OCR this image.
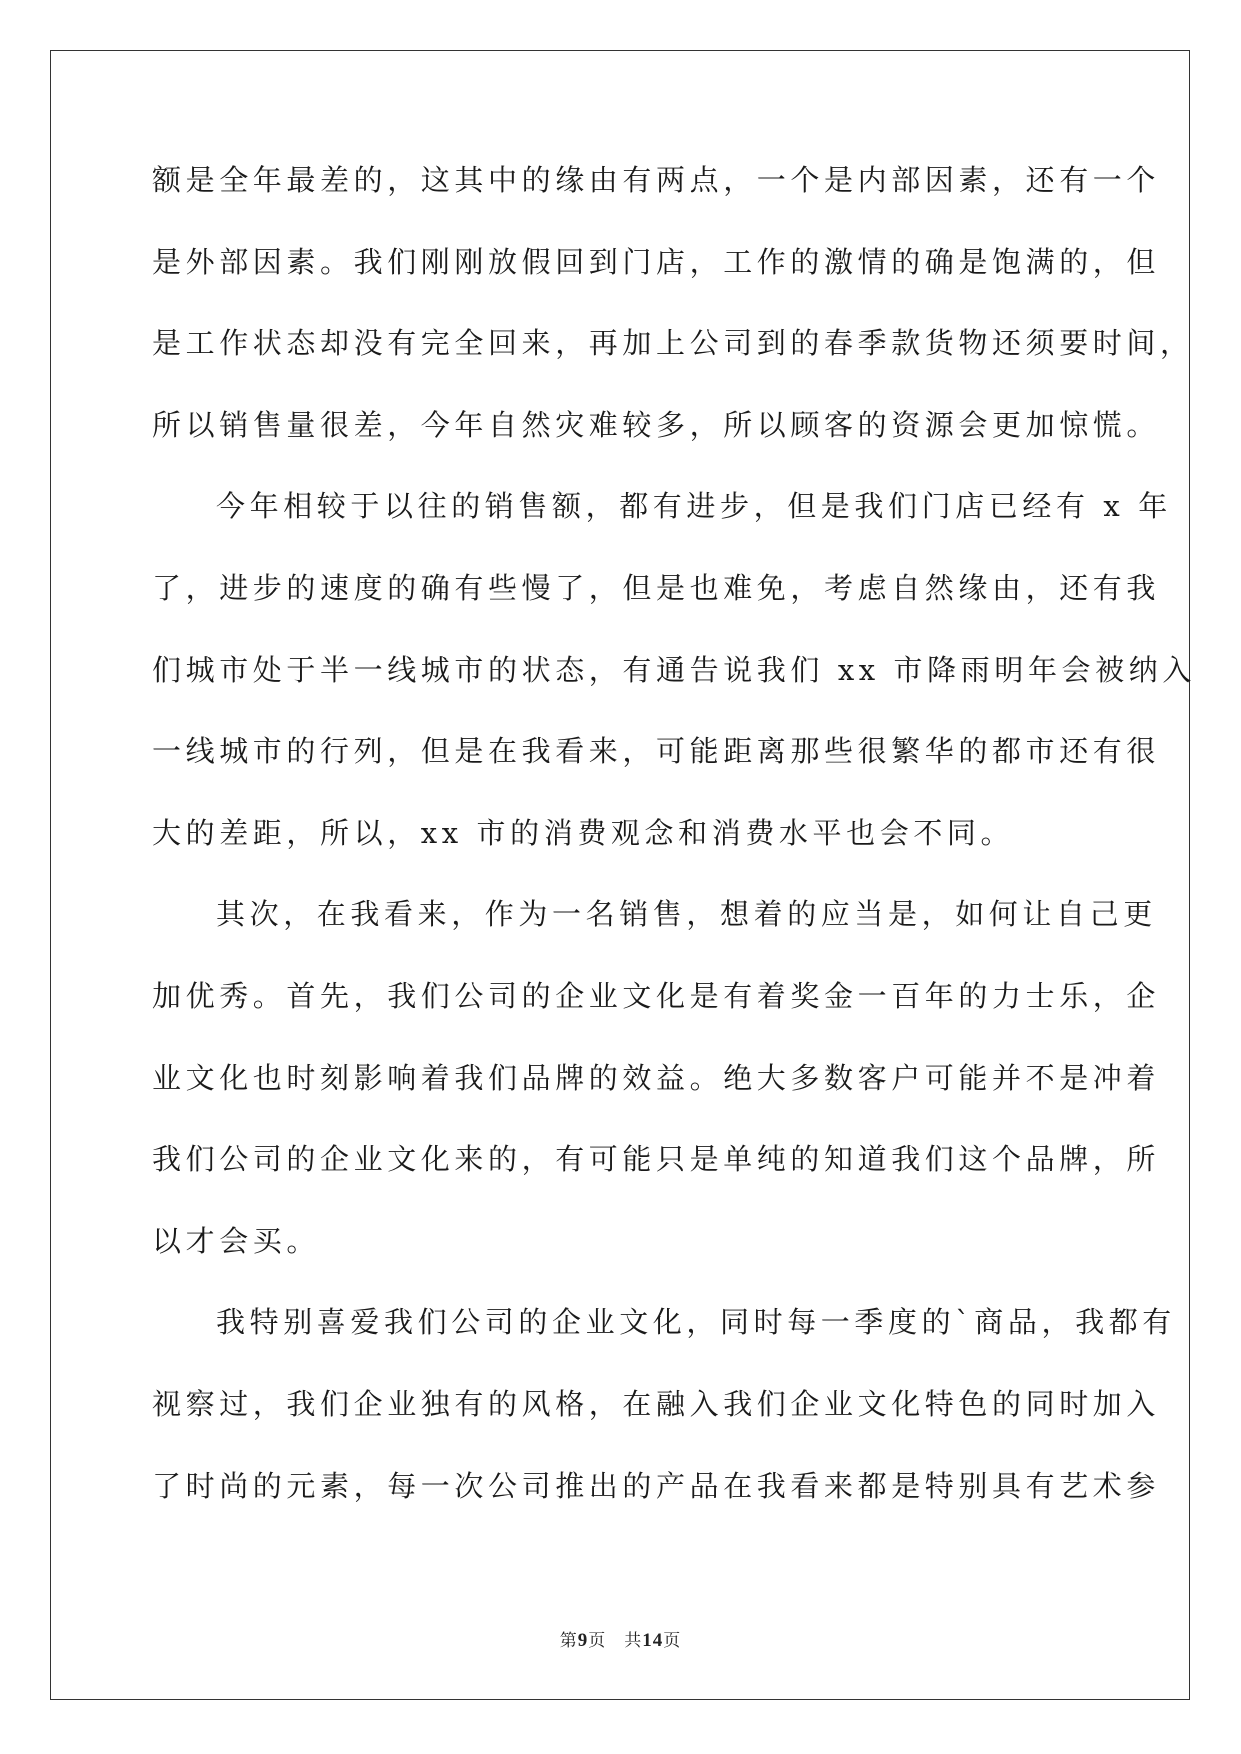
额是全年最差的，这其中的缘由有两点，一个是内部因素，还有一个
是外部因素。我们刚刚放假回到门店，工作的激情的确是饱满的，但
是工作状态却没有完全回来，再加上公司到的春季款货物还须要时间，
所以销售量很差，今年自然灾难较多，所以顾客的资源会更加惊慌。
今年相较于以往的销售额，都有进步，但是我们门店已经有 x 年
了，进步的速度的确有些慢了，但是也难免，考虑自然缘由，还有我
们城市处于半一线城市的状态，有通告说我们 xx 市降雨明年会被纳入
一线城市的行列，但是在我看来，可能距离那些很繁华的都市还有很
大的差距，所以，xx 市的消费观念和消费水平也会不同。
其次，在我看来，作为一名销售，想着的应当是，如何让自己更
加优秀。首先，我们公司的企业文化是有着奖金一百年的力士乐，企
业文化也时刻影响着我们品牌的效益。绝大多数客户可能并不是冲着
我们公司的企业文化来的，有可能只是单纯的知道我们这个品牌，所
以才会买。
我特别喜爱我们公司的企业文化，同时每一季度的`商品，我都有
视察过，我们企业独有的风格，在融入我们企业文化特色的同时加入
了时尚的元素，每一次公司推出的产品在我看来都是特别具有艺术参
第9页 共14页
